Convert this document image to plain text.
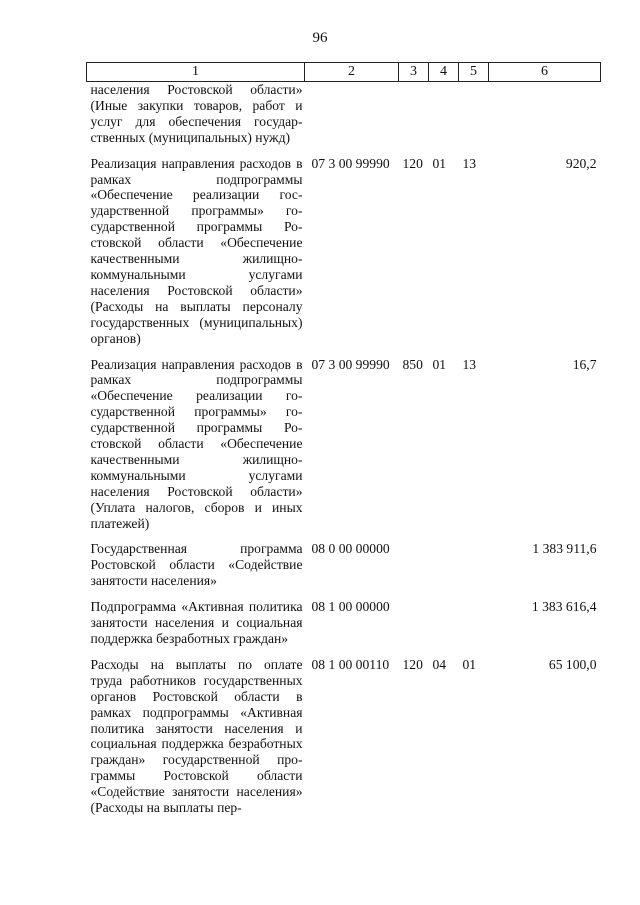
96
1	2	3	4	5	6
населения Ростовской области» (Иные закупки товаров, работ и услуг для обеспечения государственных (муниципальных) нужд)					
Реализация направления расходов в рамках подпрограммы «Обеспечение реализации государственной программы» государственной программы Ростовской области «Обеспечение качественными жилищно-коммунальными услугами населения Ростовской области» (Расходы на выплаты персоналу государственных (муниципальных) органов)	07 3 00 99990	120	01	13	920,2
Реализация направления расходов в рамках подпрограммы «Обеспечение реализации государственной программы» государственной программы Ростовской области «Обеспечение качественными жилищно-коммунальными услугами населения Ростовской области» (Уплата налогов, сборов и иных платежей)	07 3 00 99990	850	01	13	16,7
Государственная программа Ростовской области «Содействие занятости населения»	08 0 00 00000				1 383 911,6
Подпрограмма «Активная политика занятости населения и социальная поддержка безработных граждан»	08 1 00 00000				1 383 616,4
Расходы на выплаты по оплате труда работников государственных органов Ростовской области в рамках подпрограммы «Активная политика занятости населения и социальная поддержка безработных граждан» государственной программы Ростовской области «Содействие занятости населения» (Расходы на выплаты пер-	08 1 00 00110	120	04	01	65 100,0
